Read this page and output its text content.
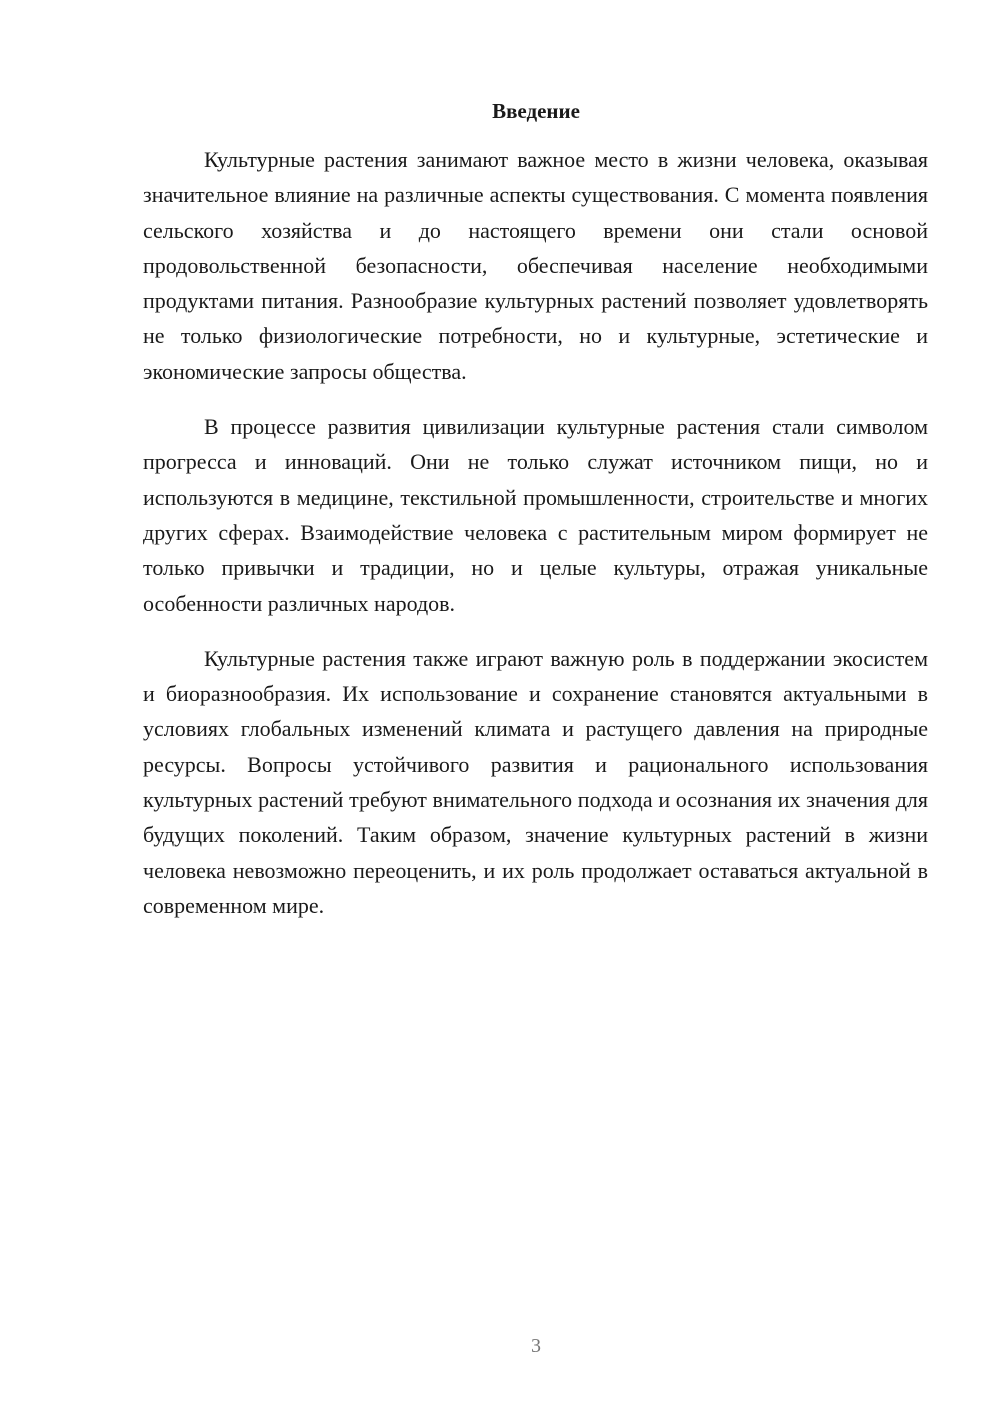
Введение

Культурные растения занимают важное место в жизни человека, оказывая значительное влияние на различные аспекты существования. С момента появления сельского хозяйства и до настоящего времени они стали основой продовольственной безопасности, обеспечивая население необходимыми продуктами питания. Разнообразие культурных растений позволяет удовлетворять не только физиологические потребности, но и культурные, эстетические и экономические запросы общества.

В процессе развития цивилизации культурные растения стали символом прогресса и инноваций. Они не только служат источником пищи, но и используются в медицине, текстильной промышленности, строительстве и многих других сферах. Взаимодействие человека с растительным миром формирует не только привычки и традиции, но и целые культуры, отражая уникальные особенности различных народов.

Культурные растения также играют важную роль в поддержании экосистем и биоразнообразия. Их использование и сохранение становятся актуальными в условиях глобальных изменений климата и растущего давления на природные ресурсы. Вопросы устойчивого развития и рационального использования культурных растений требуют внимательного подхода и осознания их значения для будущих поколений. Таким образом, значение культурных растений в жизни человека невозможно переоценить, и их роль продолжает оставаться актуальной в современном мире.

3
